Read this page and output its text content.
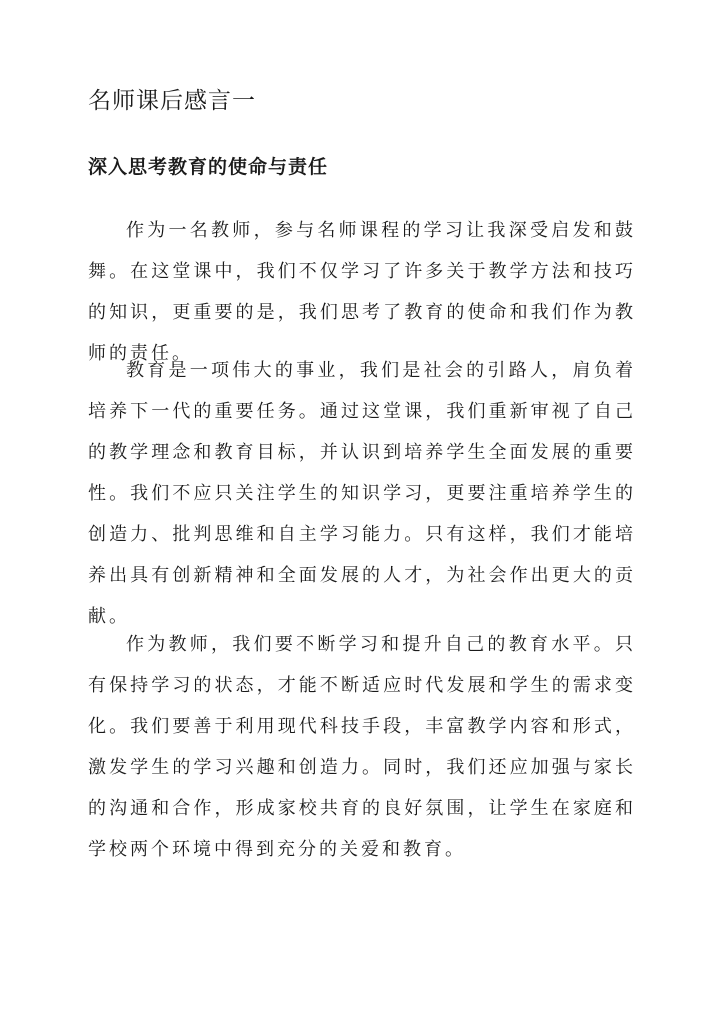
名师课后感言一
深入思考教育的使命与责任

作为一名教师，参与名师课程的学习让我深受启发和鼓舞。在这堂课中，我们不仅学习了许多关于教学方法和技巧的知识，更重要的是，我们思考了教育的使命和我们作为教师的责任。

教育是一项伟大的事业，我们是社会的引路人，肩负着培养下一代的重要任务。通过这堂课，我们重新审视了自己的教学理念和教育目标，并认识到培养学生全面发展的重要性。我们不应只关注学生的知识学习，更要注重培养学生的创造力、批判思维和自主学习能力。只有这样，我们才能培养出具有创新精神和全面发展的人才，为社会作出更大的贡献。

作为教师，我们要不断学习和提升自己的教育水平。只有保持学习的状态，才能不断适应时代发展和学生的需求变化。我们要善于利用现代科技手段，丰富教学内容和形式，激发学生的学习兴趣和创造力。同时，我们还应加强与家长的沟通和合作，形成家校共育的良好氛围，让学生在家庭和学校两个环境中得到充分的关爱和教育。
